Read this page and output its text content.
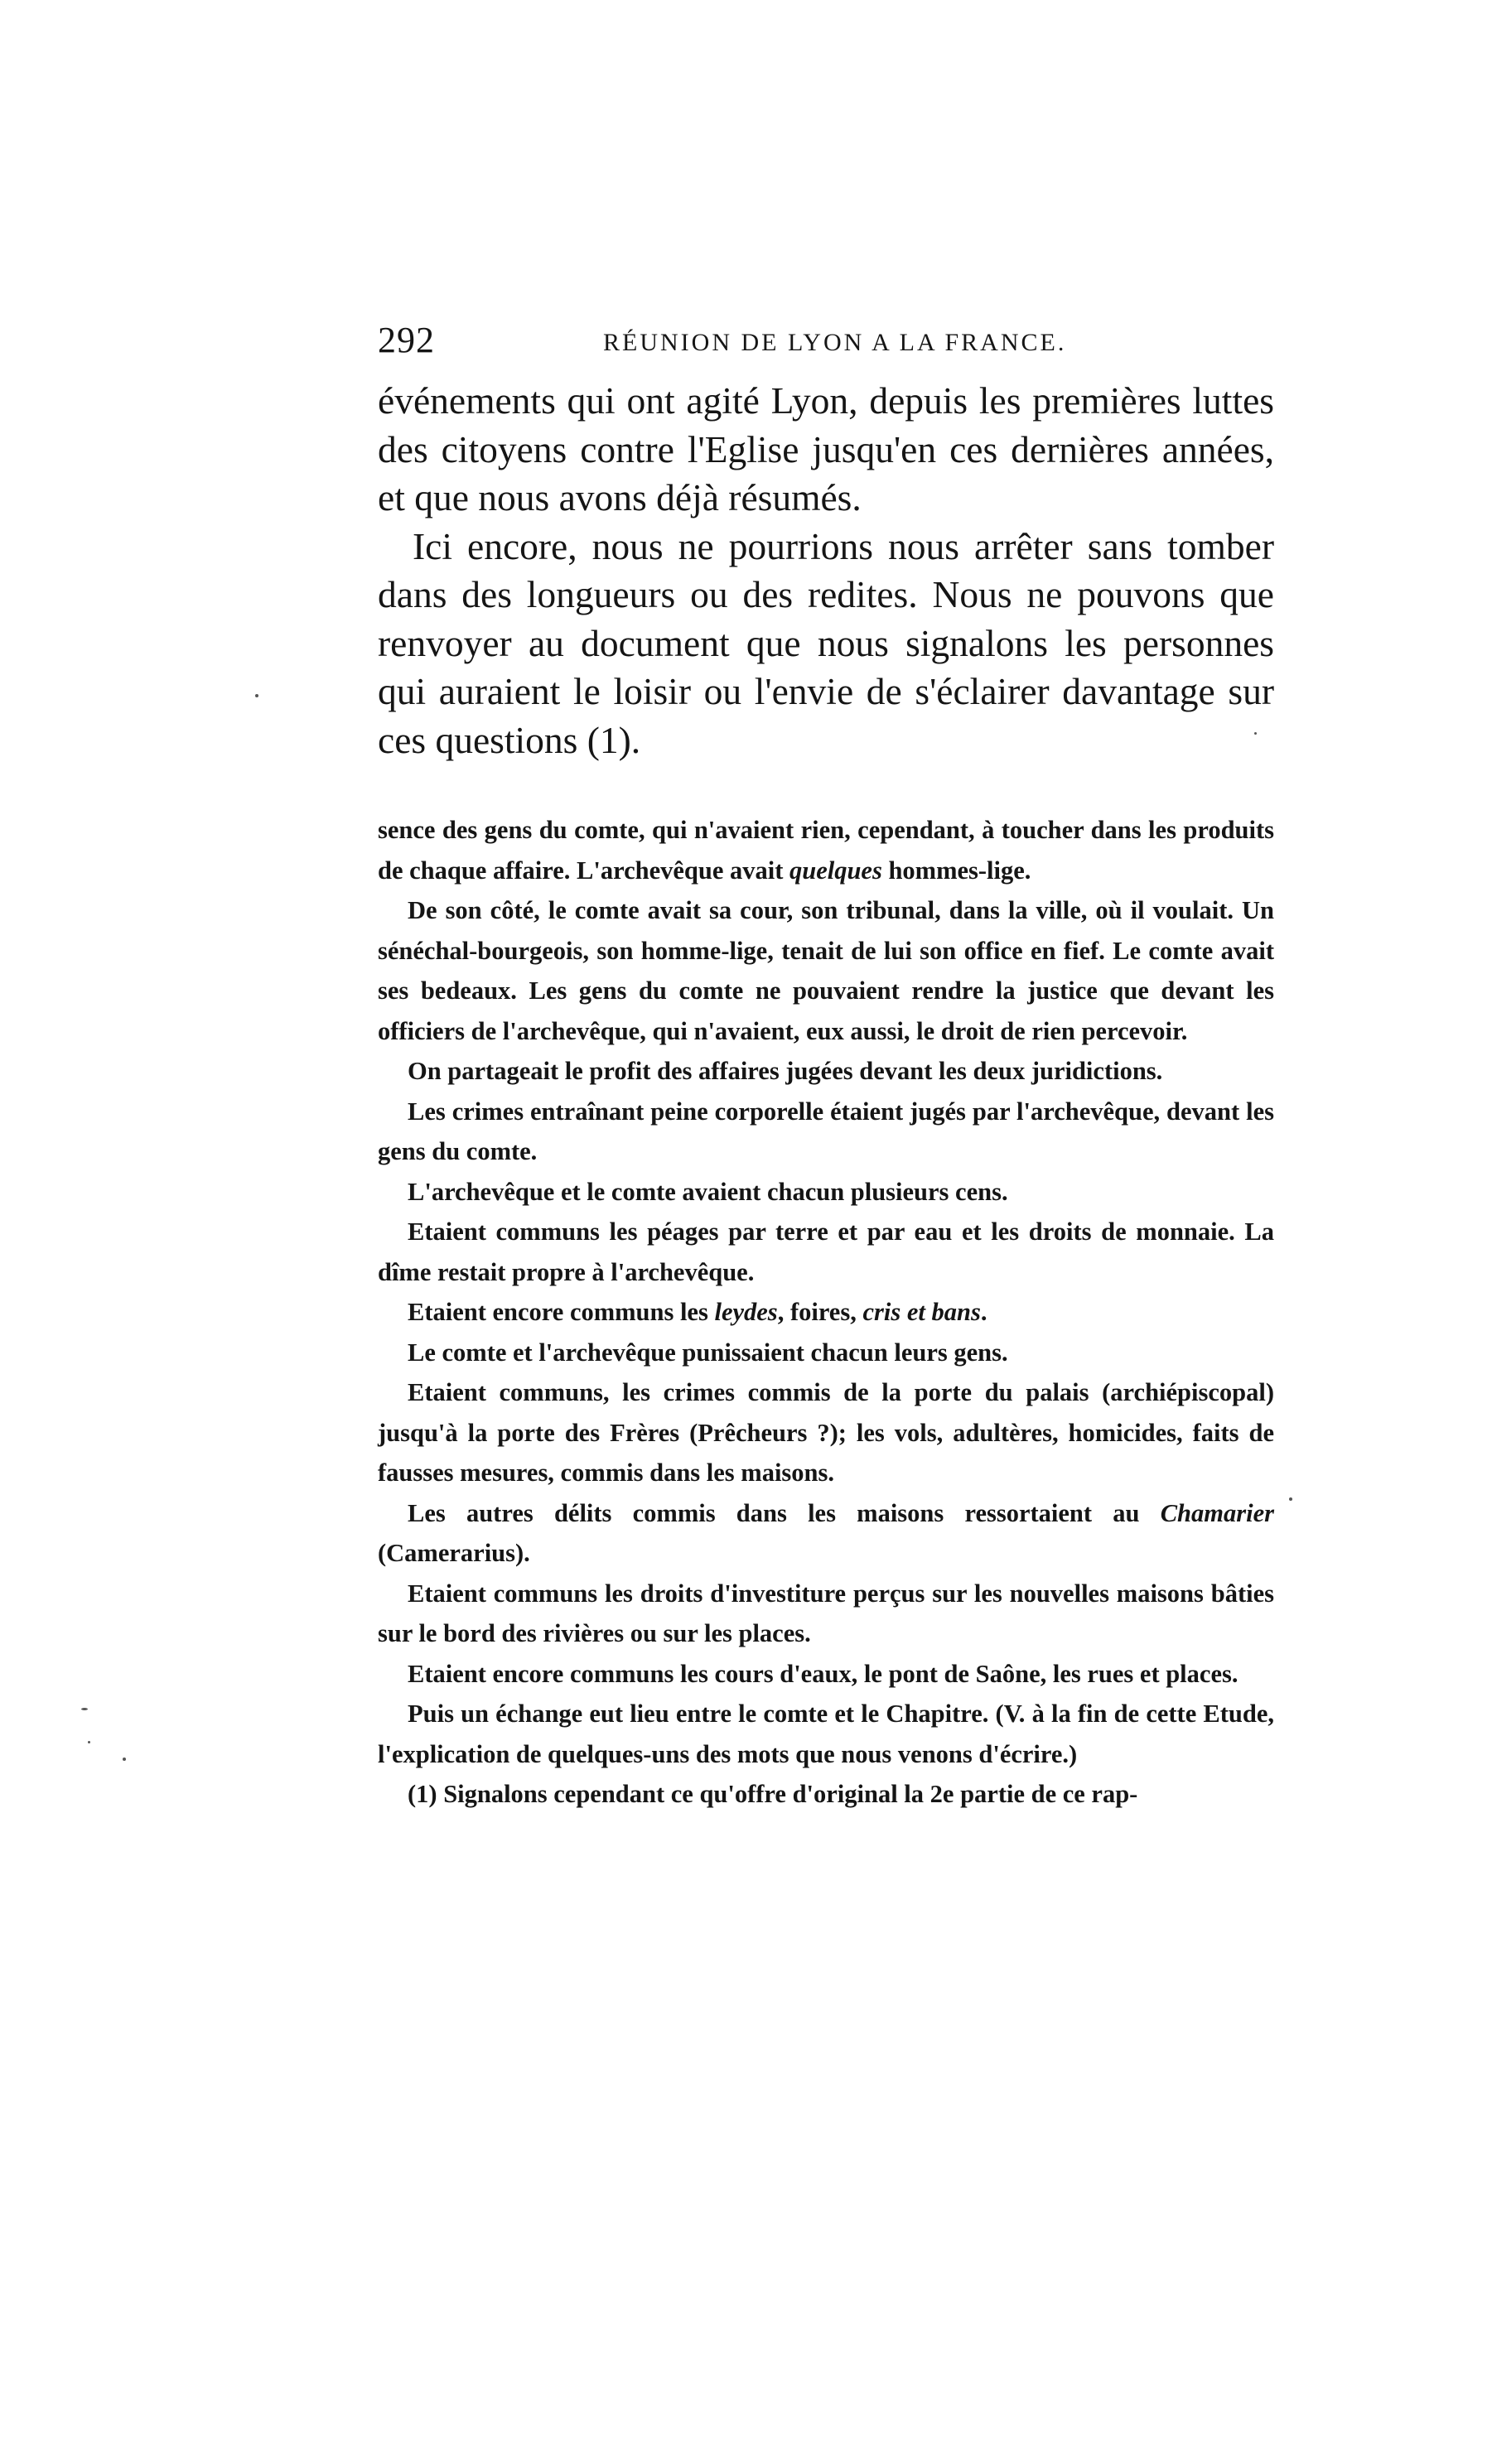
292	RÉUNION DE LYON A LA FRANCE.

événements qui ont agité Lyon, depuis les premières luttes des citoyens contre l'Eglise jusqu'en ces dernières années, et que nous avons déjà résumés.

Ici encore, nous ne pourrions nous arrêter sans tomber dans des longueurs ou des redites. Nous ne pouvons que renvoyer au document que nous signalons les personnes qui auraient le loisir ou l'envie de s'éclairer davantage sur ces questions (1).

sence des gens du comte, qui n'avaient rien, cependant, à toucher dans les produits de chaque affaire. L'archevêque avait quelques hommes-lige.

De son côté, le comte avait sa cour, son tribunal, dans la ville, où il voulait. Un sénéchal-bourgeois, son homme-lige, tenait de lui son office en fief. Le comte avait ses bedeaux. Les gens du comte ne pouvaient rendre la justice que devant les officiers de l'archevêque, qui n'avaient, eux aussi, le droit de rien percevoir.

On partageait le profit des affaires jugées devant les deux juridictions.

Les crimes entraînant peine corporelle étaient jugés par l'archevêque, devant les gens du comte.

L'archevêque et le comte avaient chacun plusieurs cens.

Etaient communs les péages par terre et par eau et les droits de monnaie. La dîme restait propre à l'archevêque.

Etaient encore communs les leydes, foires, cris et bans.

Le comte et l'archevêque punissaient chacun leurs gens.

Etaient communs, les crimes commis de la porte du palais (archiépiscopal) jusqu'à la porte des Frères (Prêcheurs ?); les vols, adultères, homicides, faits de fausses mesures, commis dans les maisons.

Les autres délits commis dans les maisons ressortaient au Chamarier (Camerarius).

Etaient communs les droits d'investiture perçus sur les nouvelles maisons bâties sur le bord des rivières ou sur les places.

Etaient encore communs les cours d'eaux, le pont de Saône, les rues et places.

Puis un échange eut lieu entre le comte et le Chapitre. (V. à la fin de cette Etude, l'explication de quelques-uns des mots que nous venons d'écrire.)

(1) Signalons cependant ce qu'offre d'original la 2e partie de ce rap-
